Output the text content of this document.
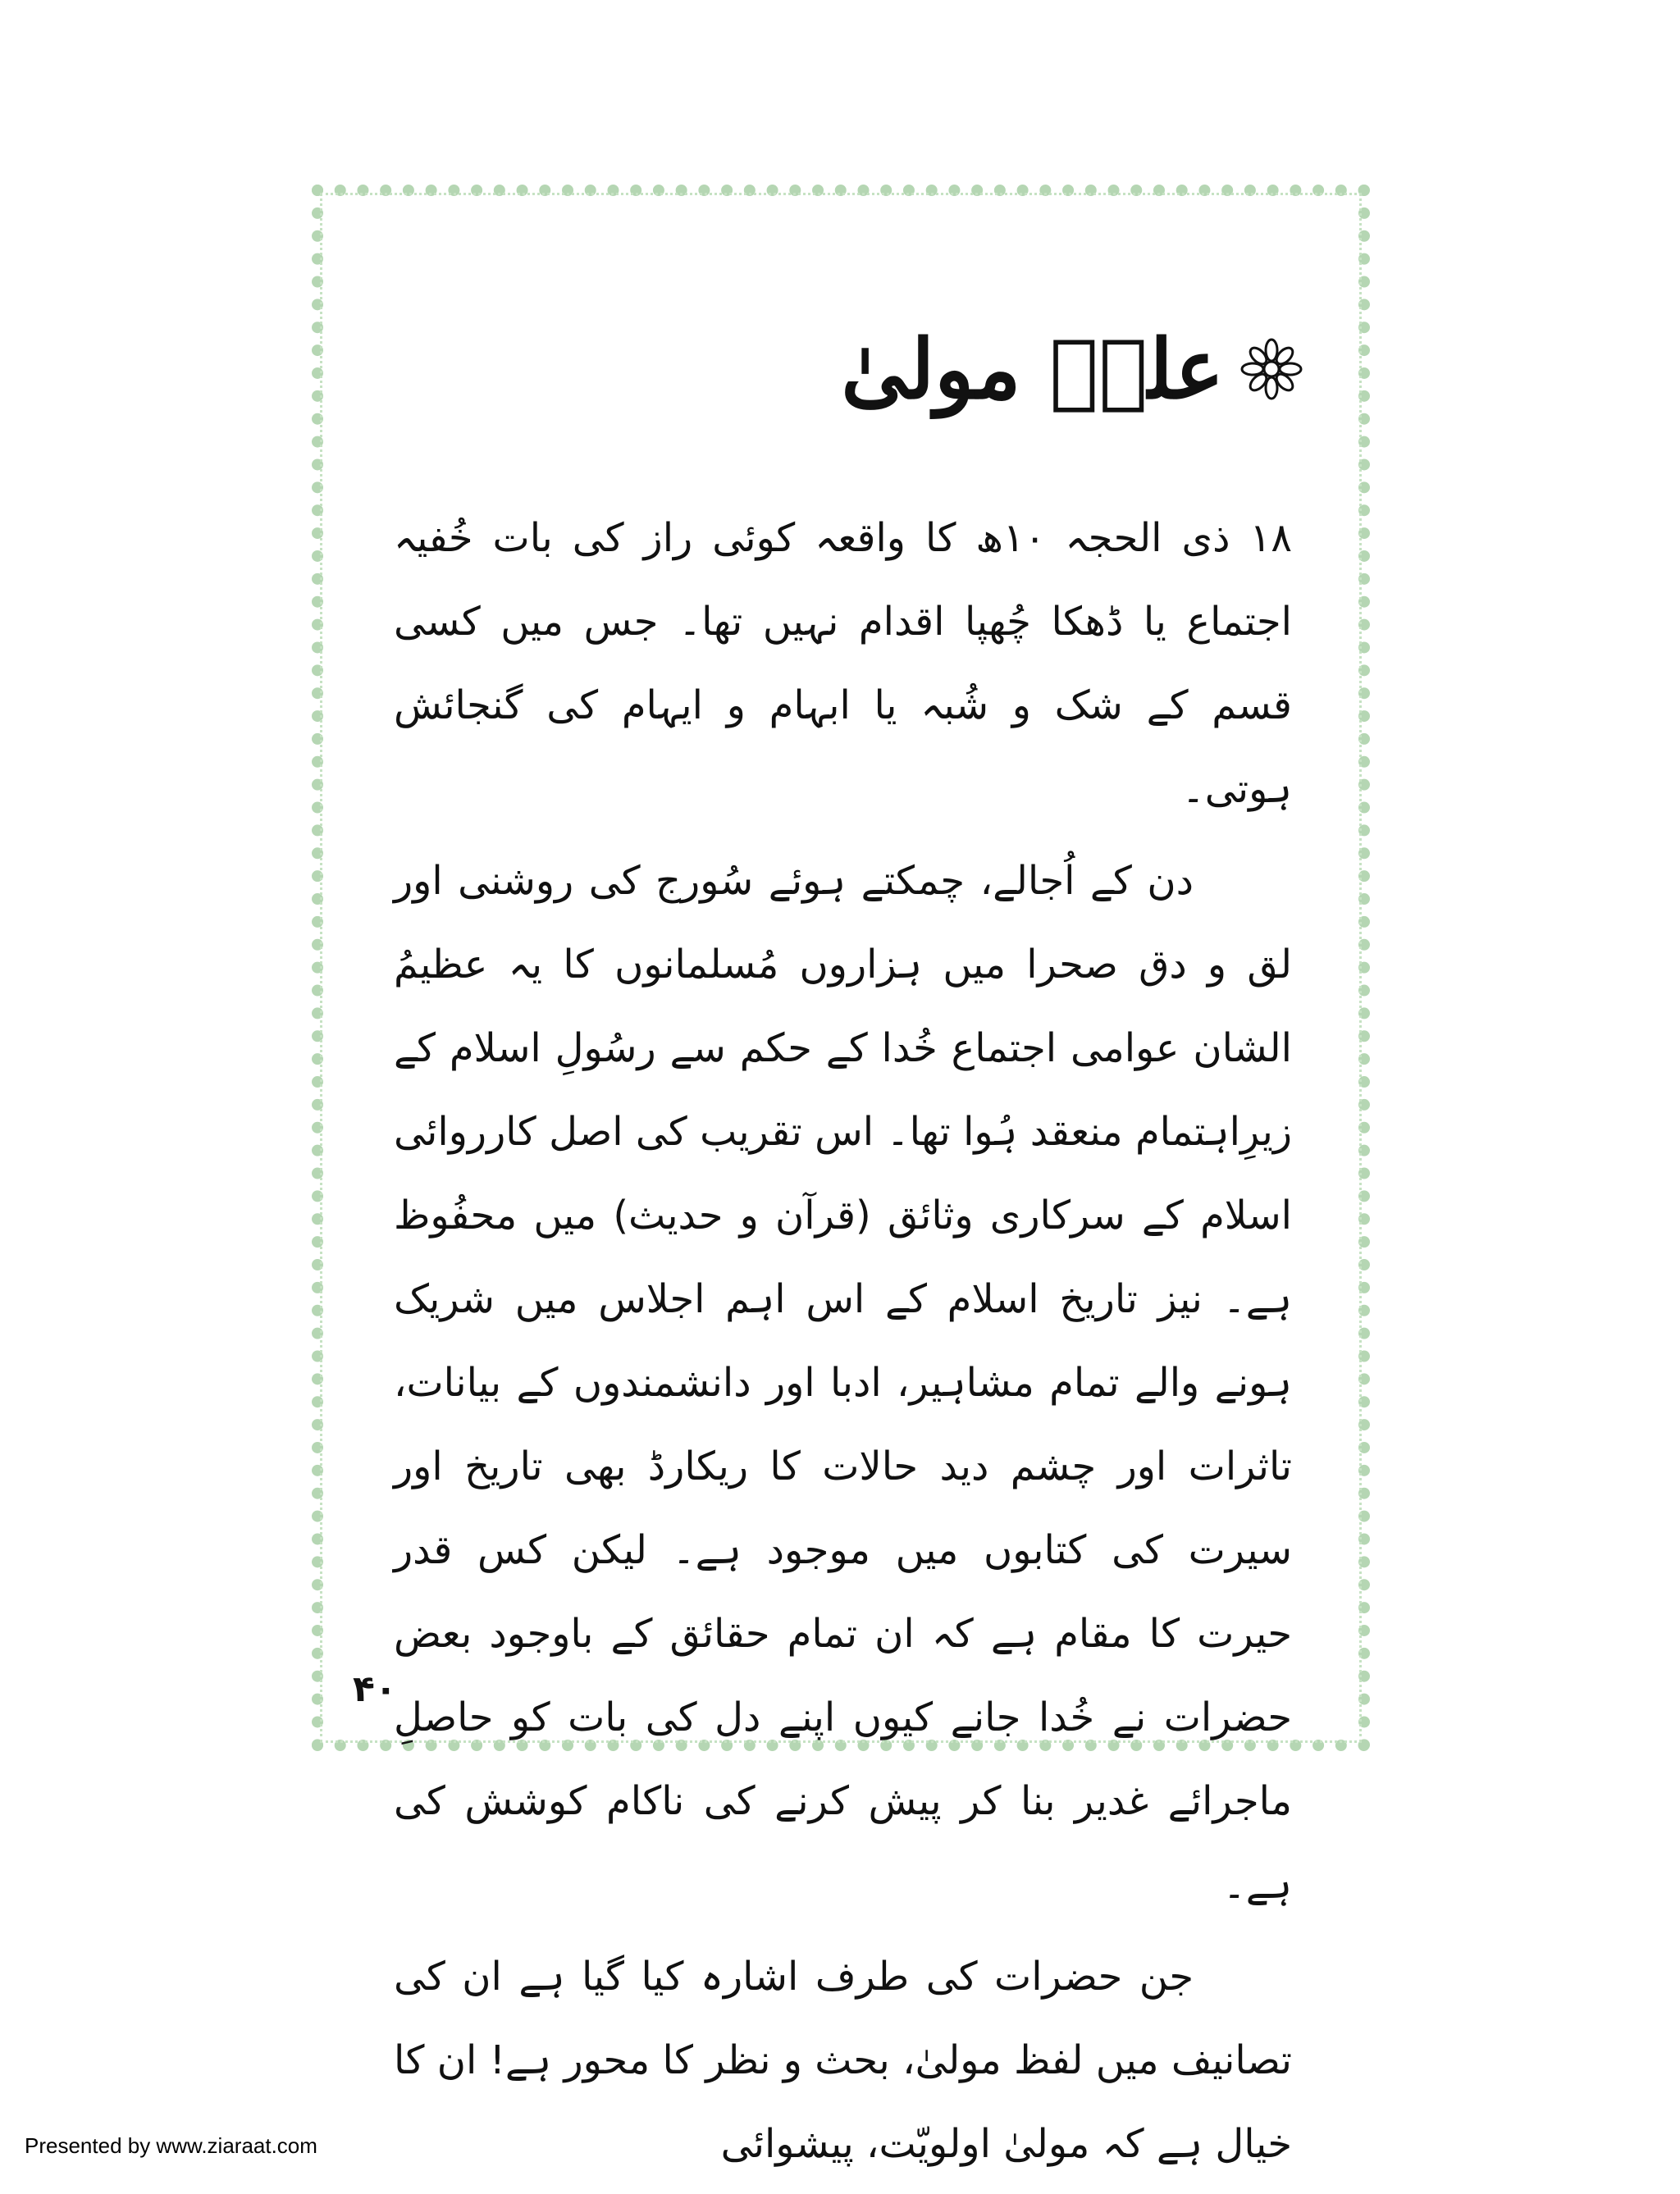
علیؑ مولیٰ

۱۸ ذی الحجہ ۱۰ھ کا واقعہ کوئی راز کی بات خُفیہ اجتماع یا ڈھکا چُھپا اقدام نہیں تھا۔ جس میں کسی قسم کے شک و شُبہ یا ابہام و ایہام کی گنجائش ہوتی۔

دن کے اُجالے، چمکتے ہوئے سُورج کی روشنی اور لق و دق صحرا میں ہزاروں مُسلمانوں کا یہ عظیمُ الشان عوامی اجتماع خُدا کے حکم سے رسُولِ اسلام کے زیرِاہتمام منعقد ہُوا تھا۔ اس تقریب کی اصل کارروائی اسلام کے سرکاری وثائق (قرآن و حدیث) میں محفُوظ ہے۔ نیز تاریخ اسلام کے اس اہم اجلاس میں شریک ہونے والے تمام مشاہیر، ادبا اور دانشمندوں کے بیانات، تاثرات اور چشم دید حالات کا ریکارڈ بھی تاریخ اور سیرت کی کتابوں میں موجود ہے۔ لیکن کس قدر حیرت کا مقام ہے کہ ان تمام حقائق کے باوجود بعض حضرات نے خُدا جانے کیوں اپنے دل کی بات کو حاصلِ ماجرائے غدیر بنا کر پیش کرنے کی ناکام کوشش کی ہے۔

جن حضرات کی طرف اشارہ کیا گیا ہے ان کی تصانیف میں لفظ مولیٰ، بحث و نظر کا محور ہے! ان کا خیال ہے کہ مولیٰ اولویّت، پیشوائی

۴۰
Presented by www.ziaraat.com
